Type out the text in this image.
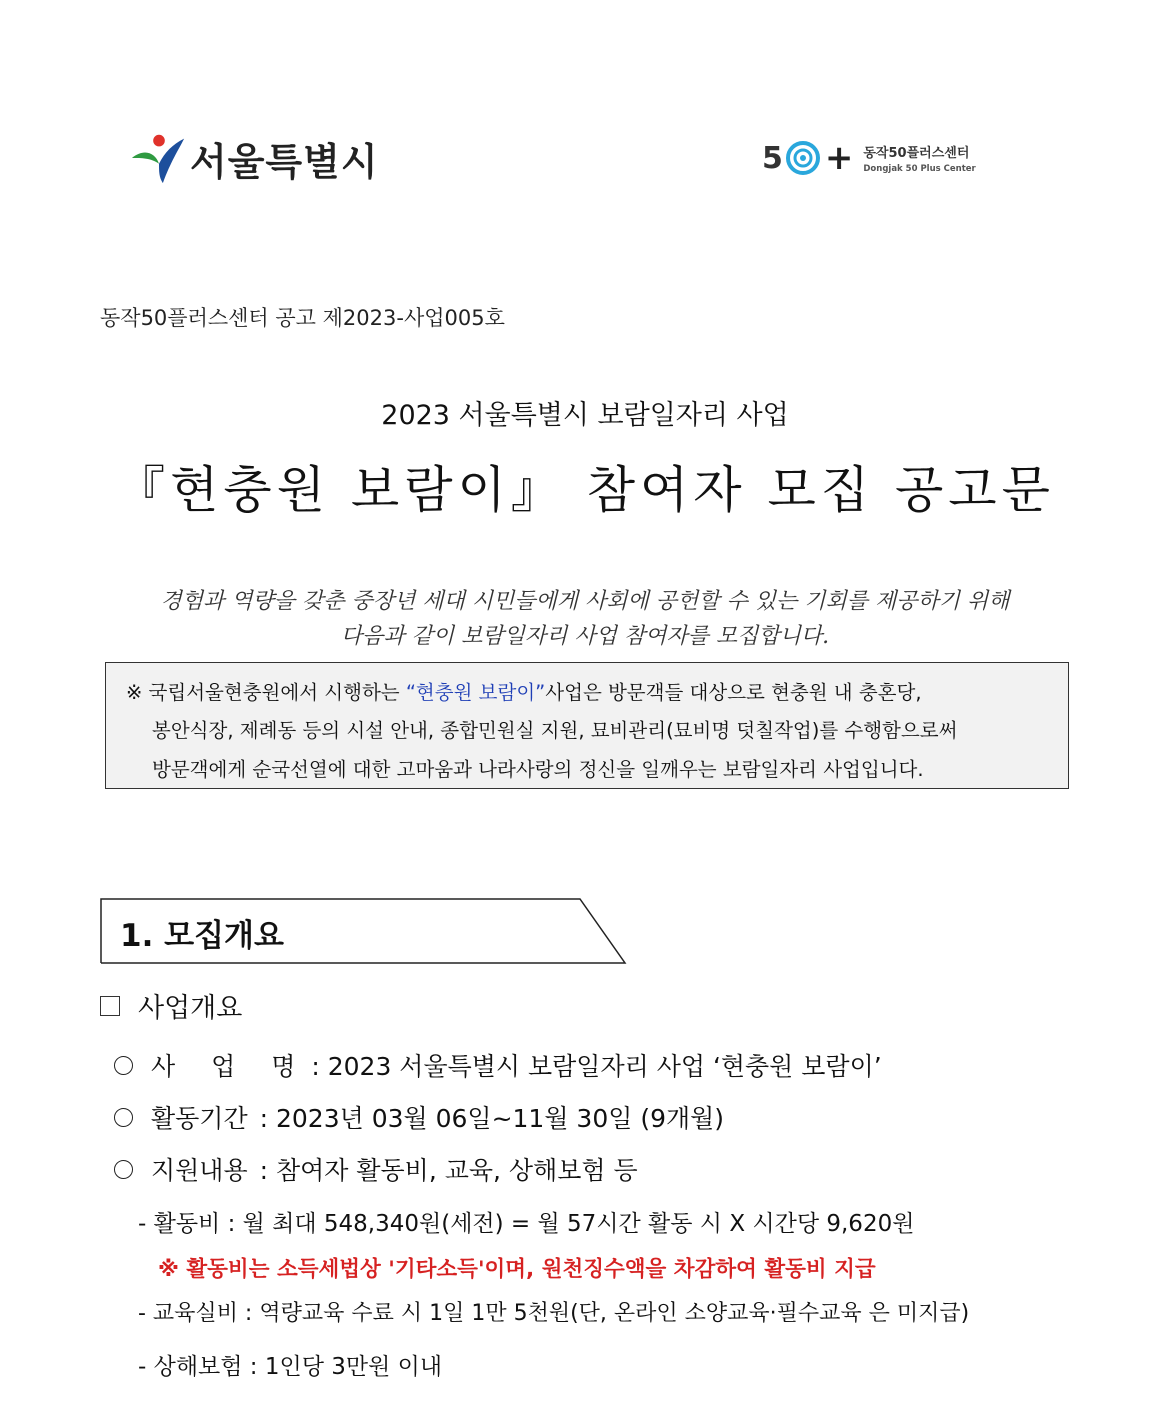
서울특별시	5 + 동작50플러스센터
Dongjak 50 Plus Center
동작50플러스센터 공고 제2023-사업005호
2023 서울특별시 보람일자리 사업
『현충원 보람이』 참여자 모집 공고문
경험과 역량을 갖춘 중장년 세대 시민들에게 사회에 공헌할 수 있는 기회를 제공하기 위해
다음과 같이 보람일자리 사업 참여자를 모집합니다.
※ 국립서울현충원에서 시행하는 “현충원 보람이”사업은 방문객들 대상으로 현충원 내 충혼당,
봉안식장, 제례동 등의 시설 안내, 종합민원실 지원, 묘비관리(묘비명 덧칠작업)를 수행함으로써
방문객에게 순국선열에 대한 고마움과 나라사랑의 정신을 일깨우는 보람일자리 사업입니다.
1. 모집개요
사업개요
사 업 명 : 2023 서울특별시 보람일자리 사업 ‘현충원 보람이’
활동기간 : 2023년 03월 06일~11월 30일 (9개월)
지원내용 : 참여자 활동비, 교육, 상해보험 등
- 활동비 : 월 최대 548,340원(세전) = 월 57시간 활동 시 X 시간당 9,620원
※ 활동비는 소득세법상 '기타소득'이며, 원천징수액을 차감하여 활동비 지급
- 교육실비 : 역량교육 수료 시 1일 1만 5천원(단, 온라인 소양교육·필수교육 은 미지급)
- 상해보험 : 1인당 3만원 이내
